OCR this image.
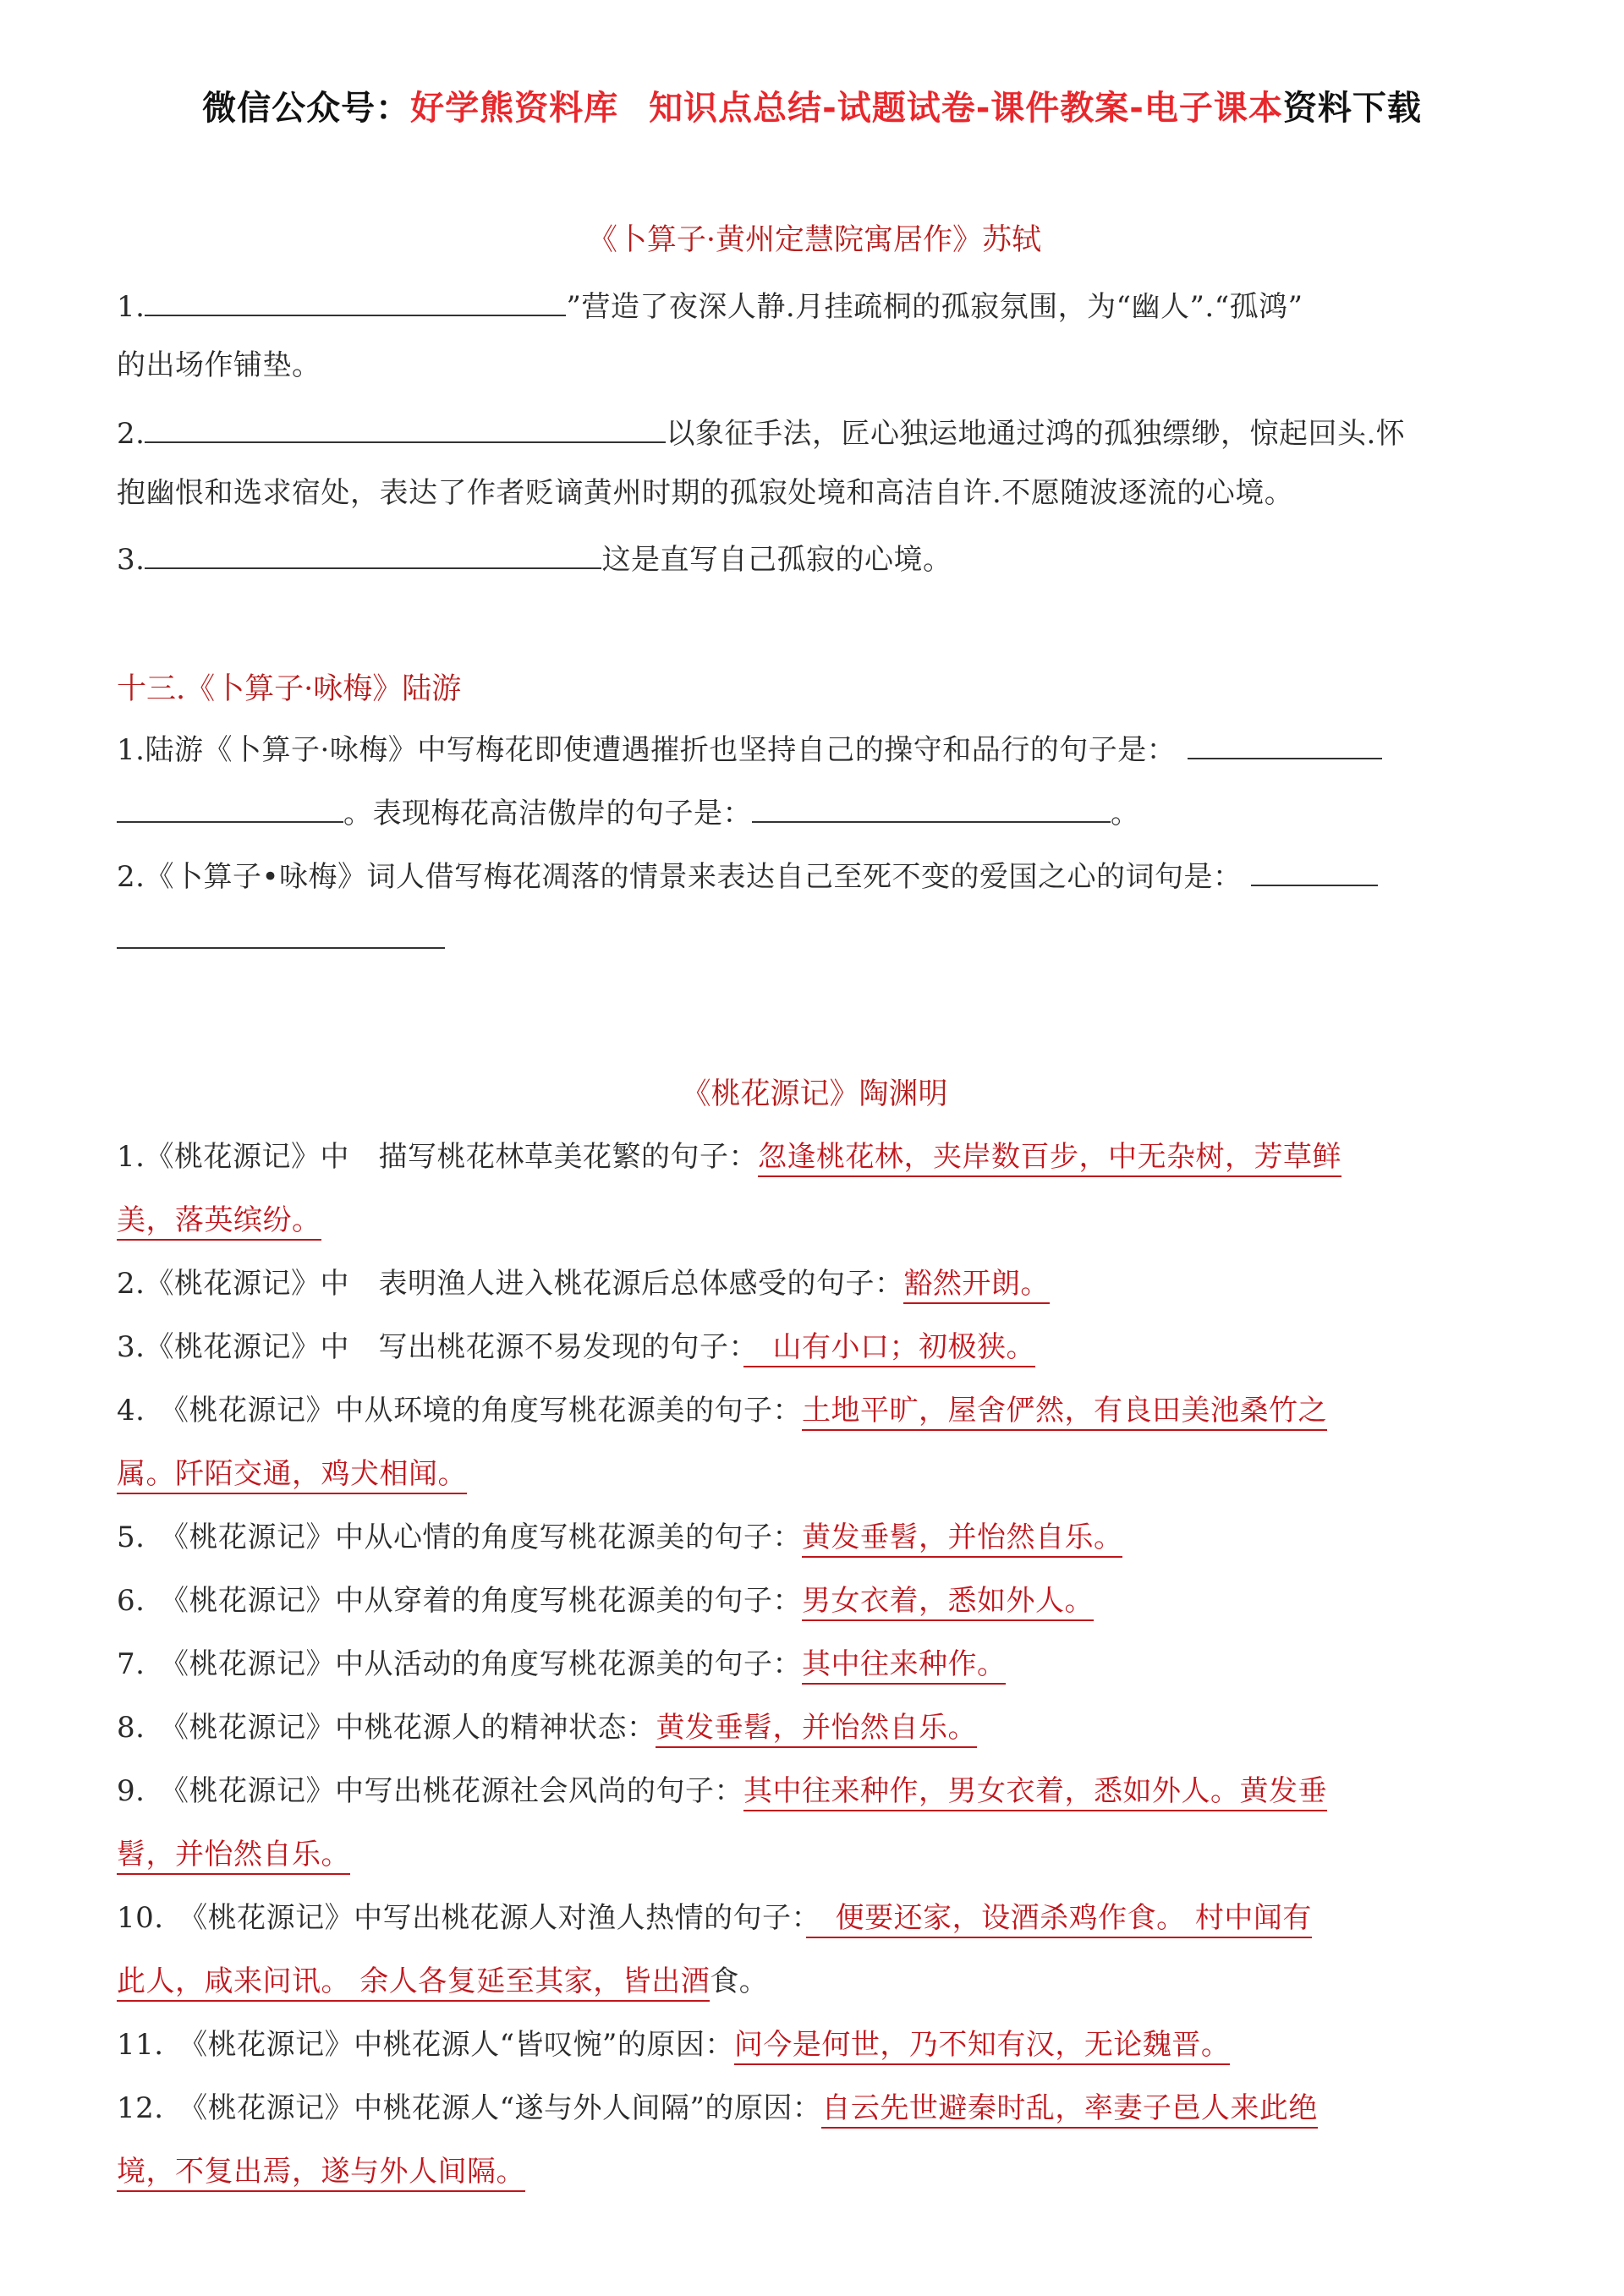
微信公众号：好学熊资料库 知识点总结-试题试卷-课件教案-电子课本资料下载
《卜算子·黄州定慧院寓居作》苏轼
1.	”营造了夜深人静.月挂疏桐的孤寂氛围，为“幽人”.“孤鸿”
的出场作铺垫。
2.	以象征手法，匠心独运地通过鸿的孤独缥缈，惊起回头.怀
抱幽恨和选求宿处，表达了作者贬谪黄州时期的孤寂处境和高洁自许.不愿随波逐流的心境。
3.	这是直写自己孤寂的心境。
十三.《卜算子·咏梅》陆游
1.陆游《卜算子·咏梅》中写梅花即使遭遇摧折也坚持自己的操守和品行的句子是：
。表现梅花高洁傲岸的句子是：	。
2.《卜算子•咏梅》词人借写梅花凋落的情景来表达自己至死不变的爱国之心的词句是：
《桃花源记》陶渊明
1.《桃花源记》中　描写桃花林草美花繁的句子：忽逢桃花林，夹岸数百步，中无杂树，芳草鲜
美，落英缤纷。
2.《桃花源记》中　表明渔人进入桃花源后总体感受的句子：豁然开朗。
3.《桃花源记》中　写出桃花源不易发现的句子：　山有小口；初极狭。
4.　《桃花源记》中从环境的角度写桃花源美的句子：土地平旷，屋舍俨然，有良田美池桑竹之
属。阡陌交通，鸡犬相闻。
5.　《桃花源记》中从心情的角度写桃花源美的句子：黄发垂髫，并怡然自乐。
6.　《桃花源记》中从穿着的角度写桃花源美的句子：男女衣着，悉如外人。
7.　《桃花源记》中从活动的角度写桃花源美的句子：其中往来种作。
8.　《桃花源记》中桃花源人的精神状态：黄发垂髫，并怡然自乐。
9.　《桃花源记》中写出桃花源社会风尚的句子：其中往来种作，男女衣着，悉如外人。黄发垂
髫，并怡然自乐。
10.　《桃花源记》中写出桃花源人对渔人热情的句子：　便要还家，设酒杀鸡作食。 村中闻有
此人，咸来问讯。 余人各复延至其家，皆出酒食。
11.　《桃花源记》中桃花源人“皆叹惋”的原因：问今是何世，乃不知有汉，无论魏晋。
12.　《桃花源记》中桃花源人“遂与外人间隔”的原因：自云先世避秦时乱，率妻子邑人来此绝
境，不复出焉，遂与外人间隔。
